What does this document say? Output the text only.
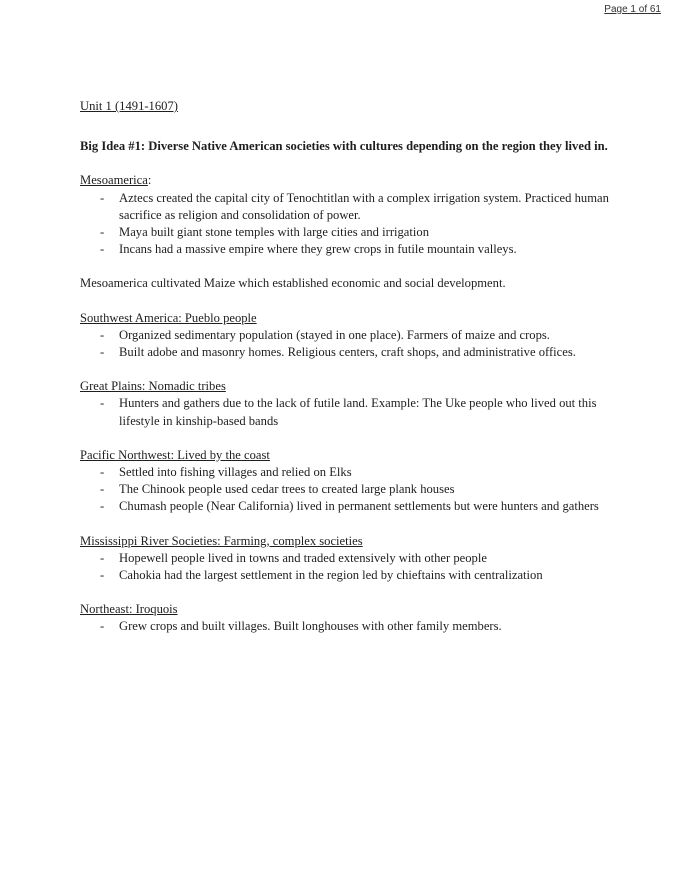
Page 1 of 61
Unit 1 (1491-1607)
Big Idea #1: Diverse Native American societies with cultures depending on the region they lived in.
Mesoamerica:
- Aztecs created the capital city of Tenochtitlan with a complex irrigation system. Practiced human sacrifice as religion and consolidation of power.
- Maya built giant stone temples with large cities and irrigation
- Incans had a massive empire where they grew crops in futile mountain valleys.
Mesoamerica cultivated Maize which established economic and social development.
Southwest America: Pueblo people
- Organized sedimentary population (stayed in one place). Farmers of maize and crops.
- Built adobe and masonry homes. Religious centers, craft shops, and administrative offices.
Great Plains: Nomadic tribes
- Hunters and gathers due to the lack of futile land. Example: The Uke people who lived out this lifestyle in kinship-based bands
Pacific Northwest: Lived by the coast
- Settled into fishing villages and relied on Elks
- The Chinook people used cedar trees to created large plank houses
- Chumash people (Near California) lived in permanent settlements but were hunters and gathers
Mississippi River Societies: Farming, complex societies
- Hopewell people lived in towns and traded extensively with other people
- Cahokia had the largest settlement in the region led by chieftains with centralization
Northeast: Iroquois
- Grew crops and built villages. Built longhouses with other family members.
